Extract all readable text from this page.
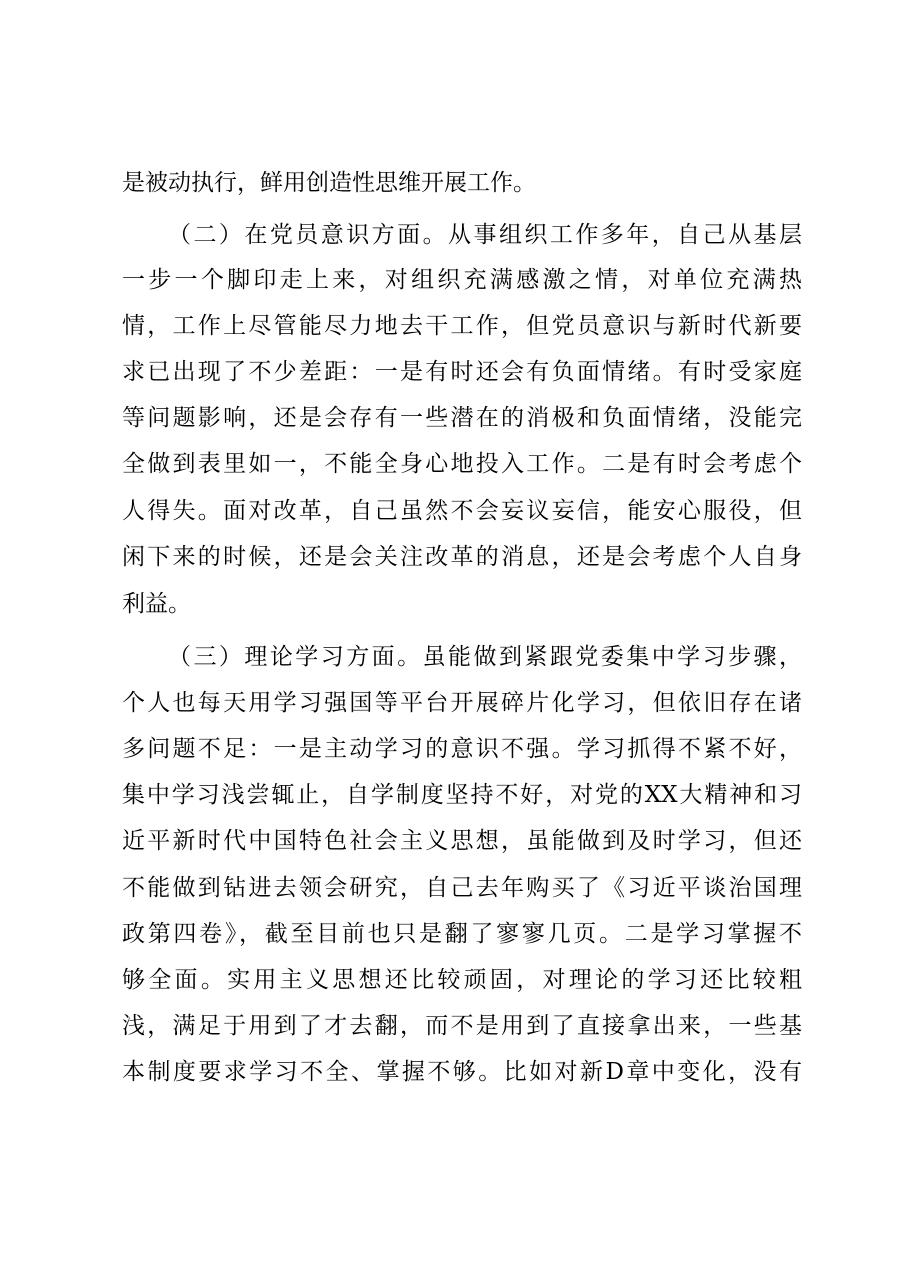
是被动执行，鲜用创造性思维开展工作。
（二）在党员意识方面。从事组织工作多年，自己从基层
一步一个脚印走上来，对组织充满感激之情，对单位充满热
情，工作上尽管能尽力地去干工作，但党员意识与新时代新要
求已出现了不少差距：一是有时还会有负面情绪。有时受家庭
等问题影响，还是会存有一些潜在的消极和负面情绪，没能完
全做到表里如一，不能全身心地投入工作。二是有时会考虑个
人得失。面对改革，自己虽然不会妄议妄信，能安心服役，但
闲下来的时候，还是会关注改革的消息，还是会考虑个人自身
利益。
（三）理论学习方面。虽能做到紧跟党委集中学习步骤，
个人也每天用学习强国等平台开展碎片化学习，但依旧存在诸
多问题不足：一是主动学习的意识不强。学习抓得不紧不好，
集中学习浅尝辄止，自学制度坚持不好，对党的XX大精神和习
近平新时代中国特色社会主义思想，虽能做到及时学习，但还
不能做到钻进去领会研究，自己去年购买了《习近平谈治国理
政第四卷》，截至目前也只是翻了寥寥几页。二是学习掌握不
够全面。实用主义思想还比较顽固，对理论的学习还比较粗
浅，满足于用到了才去翻，而不是用到了直接拿出来，一些基
本制度要求学习不全、掌握不够。比如对新D章中变化，没有
